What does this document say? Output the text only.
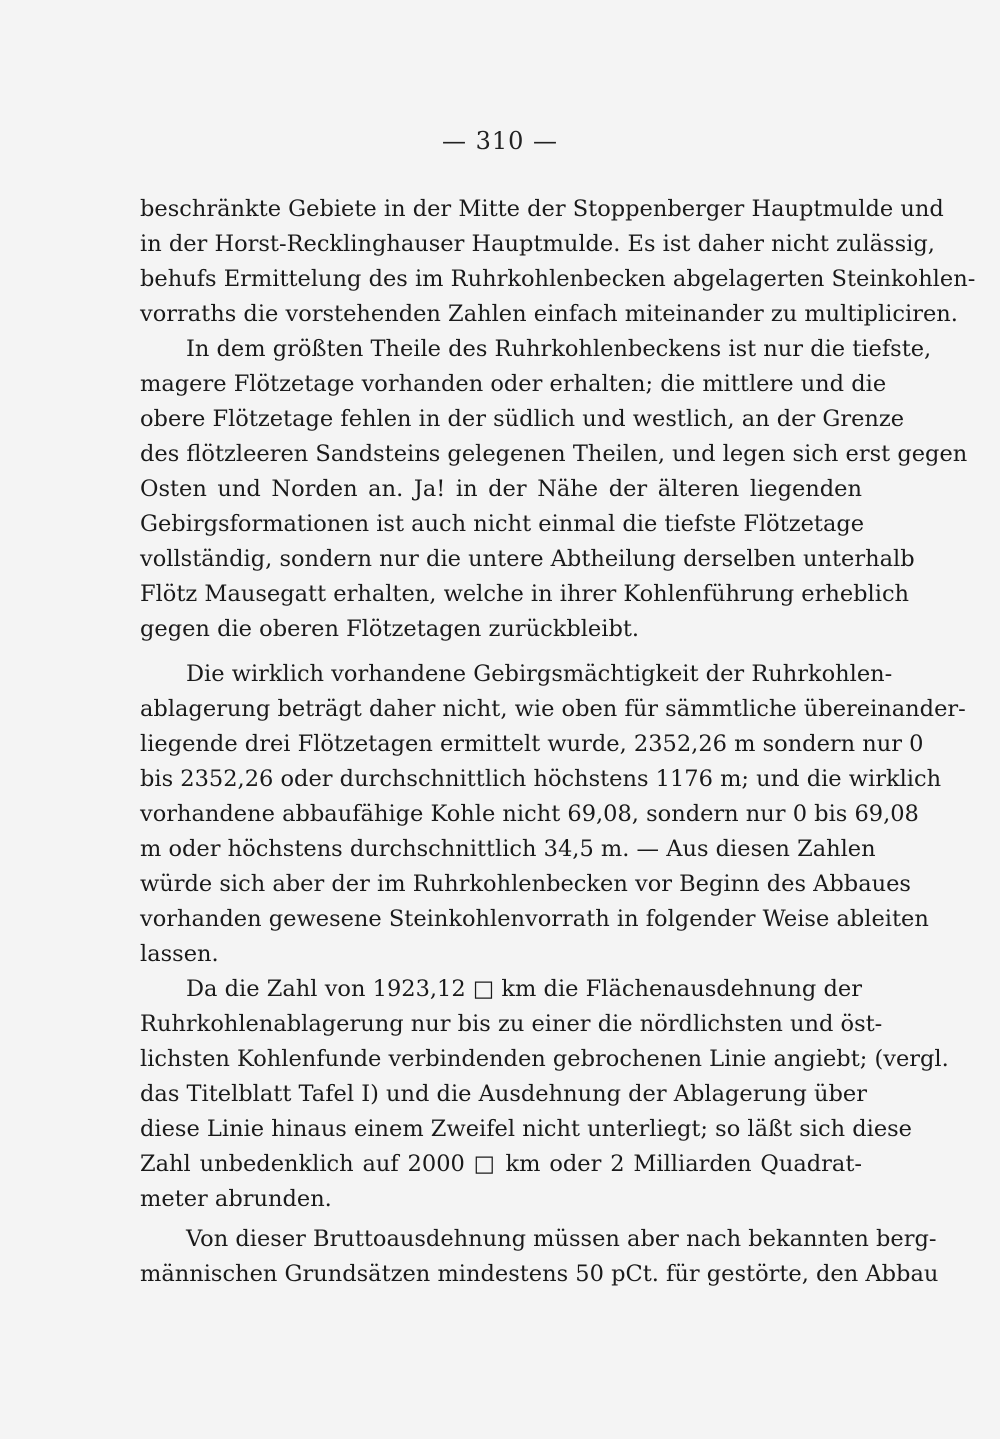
— 310 —
beschränkte Gebiete in der Mitte der Stoppenberger Hauptmulde und
in der Horst-Recklinghauser Hauptmulde. Es ist daher nicht zulässig,
behufs Ermittelung des im Ruhrkohlenbecken abgelagerten Steinkohlen-
vorraths die vorstehenden Zahlen einfach miteinander zu multipliciren.
In dem größten Theile des Ruhrkohlenbeckens ist nur die tiefste,
magere Flötzetage vorhanden oder erhalten; die mittlere und die
obere Flötzetage fehlen in der südlich und westlich, an der Grenze
des flötzleeren Sandsteins gelegenen Theilen, und legen sich erst gegen
Osten und Norden an. Ja! in der Nähe der älteren liegenden
Gebirgsformationen ist auch nicht einmal die tiefste Flötzetage
vollständig, sondern nur die untere Abtheilung derselben unterhalb
Flötz Mausegatt erhalten, welche in ihrer Kohlenführung erheblich
gegen die oberen Flötzetagen zurückbleibt.
Die wirklich vorhandene Gebirgsmächtigkeit der Ruhrkohlen-
ablagerung beträgt daher nicht, wie oben für sämmtliche übereinander-
liegende drei Flötzetagen ermittelt wurde, 2352,26 m sondern nur 0
bis 2352,26 oder durchschnittlich höchstens 1176 m; und die wirklich
vorhandene abbaufähige Kohle nicht 69,08, sondern nur 0 bis 69,08
m oder höchstens durchschnittlich 34,5 m. — Aus diesen Zahlen
würde sich aber der im Ruhrkohlenbecken vor Beginn des Abbaues
vorhanden gewesene Steinkohlenvorrath in folgender Weise ableiten
lassen.
Da die Zahl von 1923,12 □ km die Flächenausdehnung der
Ruhrkohlenablagerung nur bis zu einer die nördlichsten und öst-
lichsten Kohlenfunde verbindenden gebrochenen Linie angiebt; (vergl.
das Titelblatt Tafel I) und die Ausdehnung der Ablagerung über
diese Linie hinaus einem Zweifel nicht unterliegt; so läßt sich diese
Zahl unbedenklich auf 2000 □ km oder 2 Milliarden Quadrat-
meter abrunden.
Von dieser Bruttoausdehnung müssen aber nach bekannten berg-
männischen Grundsätzen mindestens 50 pCt. für gestörte, den Abbau
